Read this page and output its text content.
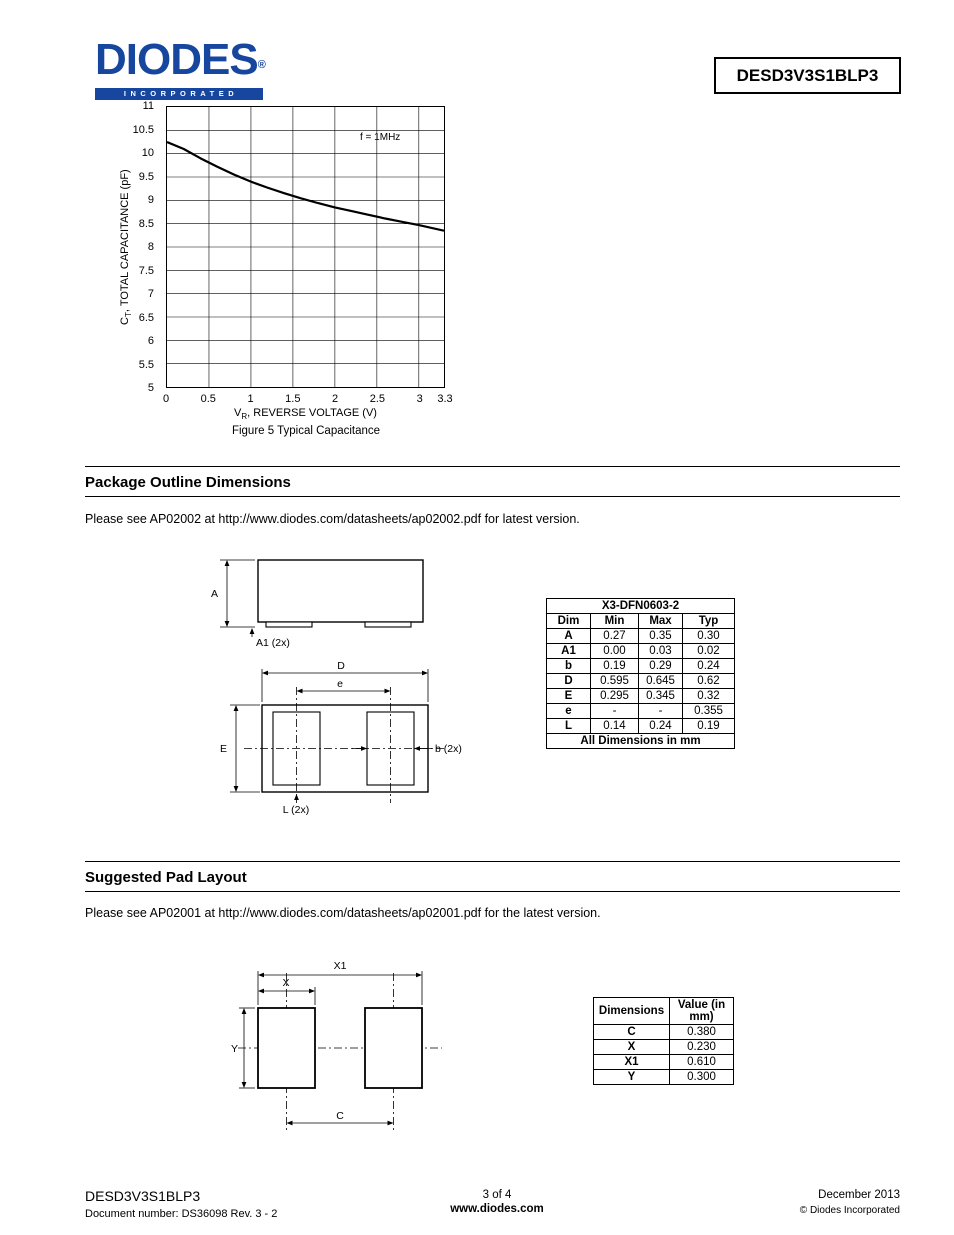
DIODES®
INCORPORATED
DESD3V3S1BLP3
$C_T$, TOTAL CAPACITANCE (pF)
5
5.5
6
6.5
7
7.5
8
8.5
9
9.5
10
10.5
11
f = 1MHz
0	0.5	1	1.5	2	2.5	3	3.3
$V_R$, REVERSE VOLTAGE (V)
Figure 5 Typical Capacitance
Package Outline Dimensions

Please see AP02002 at http://www.diodes.com/datasheets/ap02002.pdf for latest version.

A
A1 (2x)
D
e
E	b (2x)
L (2x)
X3-DFN0603-2			
Dim	Min	Max	Typ
A	0.27	0.35	0.30
A1	0.00	0.03	0.02
b	0.19	0.29	0.24
D	0.595	0.645	0.62
E	0.295	0.345	0.32
e	-	-	0.355
L	0.14	0.24	0.19
All Dimensions in mm			
Suggested Pad Layout

Please see AP02001 at http://www.diodes.com/datasheets/ap02001.pdf for the latest version.

X1
X
Y
C
Dimensions	Value (in mm)
C	0.380
X	0.230
X1	0.610
Y	0.300
DESD3V3S1BLP3
Document number: DS36098 Rev. 3 - 2
3 of 4
www.diodes.com
December 2013
© Diodes Incorporated
